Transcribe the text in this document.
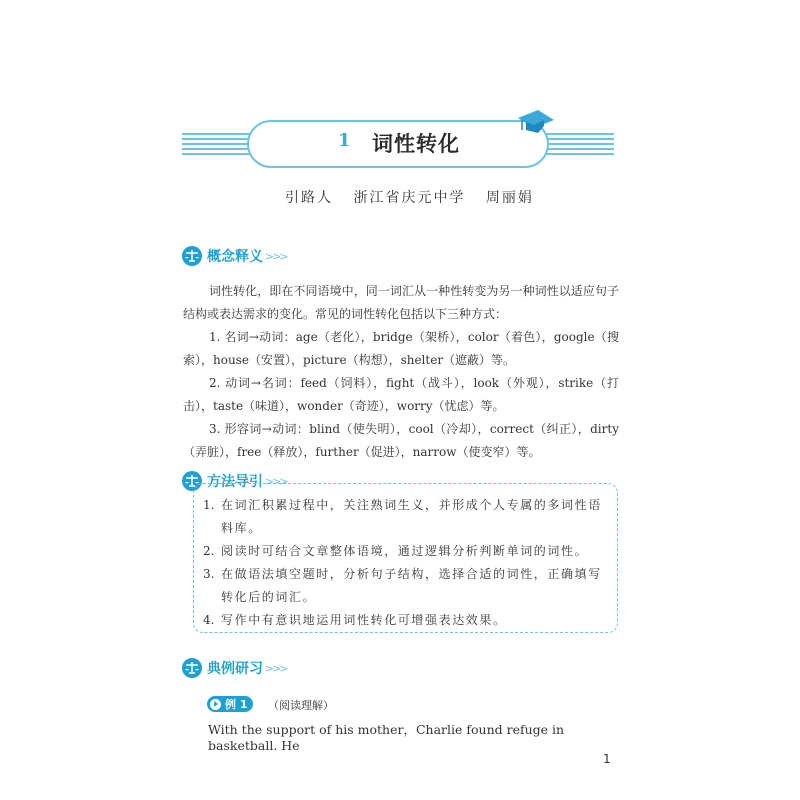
1 词性转化
引路人 浙江省庆元中学 周丽娟
概念释义 >>>

词性转化，即在不同语境中，同一词汇从一种性转变为另一种词性以适应句子结构或表达需求的变化。常见的词性转化包括以下三种方式：

1. 名词→动词：age（老化），bridge（架桥），color（着色），google（搜索），house（安置），picture（构想），shelter（遮蔽）等。

2. 动词→名词：feed（饲料），fight（战斗），look（外观），strike（打击），taste（味道），wonder（奇迹），worry（忧虑）等。

3. 形容词→动词：blind（使失明），cool（冷却），correct（纠正），dirty（弄脏），free（释放），further（促进），narrow（使变窄）等。

方法导引 >>>
1. 在词汇积累过程中，关注熟词生义，并形成个人专属的多词性语料库。
2. 阅读时可结合文章整体语境，通过逻辑分析判断单词的词性。
3. 在做语法填空题时，分析句子结构，选择合适的词性，正确填写转化后的词汇。
4. 写作中有意识地运用词性转化可增强表达效果。
典例研习 >>>
例 1 （阅读理解）
With the support of his mother，Charlie found refuge in basketball. He
1
